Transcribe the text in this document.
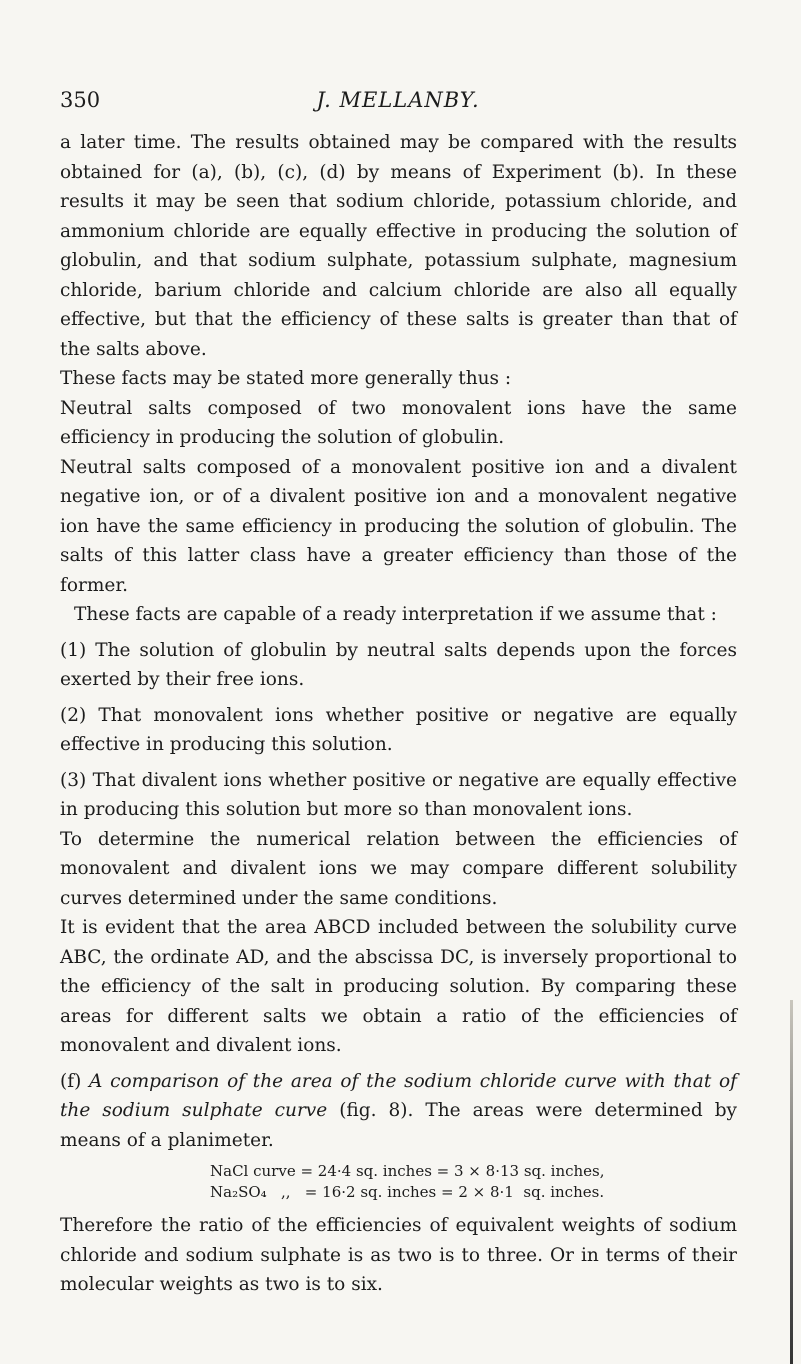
350	J. MELLANBY.

a later time. The results obtained may be compared with the results obtained for (a), (b), (c), (d) by means of Experiment (b). In these results it may be seen that sodium chloride, potassium chloride, and ammonium chloride are equally effective in producing the solution of globulin, and that sodium sulphate, potassium sulphate, magnesium chloride, barium chloride and calcium chloride are also all equally effective, but that the efficiency of these salts is greater than that of the salts above.

These facts may be stated more generally thus :

Neutral salts composed of two monovalent ions have the same efficiency in producing the solution of globulin.

Neutral salts composed of a monovalent positive ion and a divalent negative ion, or of a divalent positive ion and a monovalent negative ion have the same efficiency in producing the solution of globulin. The salts of this latter class have a greater efficiency than those of the former.

These facts are capable of a ready interpretation if we assume that :

(1) The solution of globulin by neutral salts depends upon the forces exerted by their free ions.

(2) That monovalent ions whether positive or negative are equally effective in producing this solution.

(3) That divalent ions whether positive or negative are equally effective in producing this solution but more so than monovalent ions.

To determine the numerical relation between the efficiencies of monovalent and divalent ions we may compare different solubility curves determined under the same conditions.

It is evident that the area ABCD included between the solubility curve ABC, the ordinate AD, and the abscissa DC, is inversely proportional to the efficiency of the salt in producing solution. By comparing these areas for different salts we obtain a ratio of the efficiencies of monovalent and divalent ions.

(f) A comparison of the area of the sodium chloride curve with that of the sodium sulphate curve (fig. 8). The areas were determined by means of a planimeter.

NaCl curve = 24·4 sq. inches = 3 × 8·13 sq. inches,
Na₂SO₄   ,,   = 16·2 sq. inches = 2 × 8·1  sq. inches.

Therefore the ratio of the efficiencies of equivalent weights of sodium chloride and sodium sulphate is as two is to three. Or in terms of their molecular weights as two is to six.
